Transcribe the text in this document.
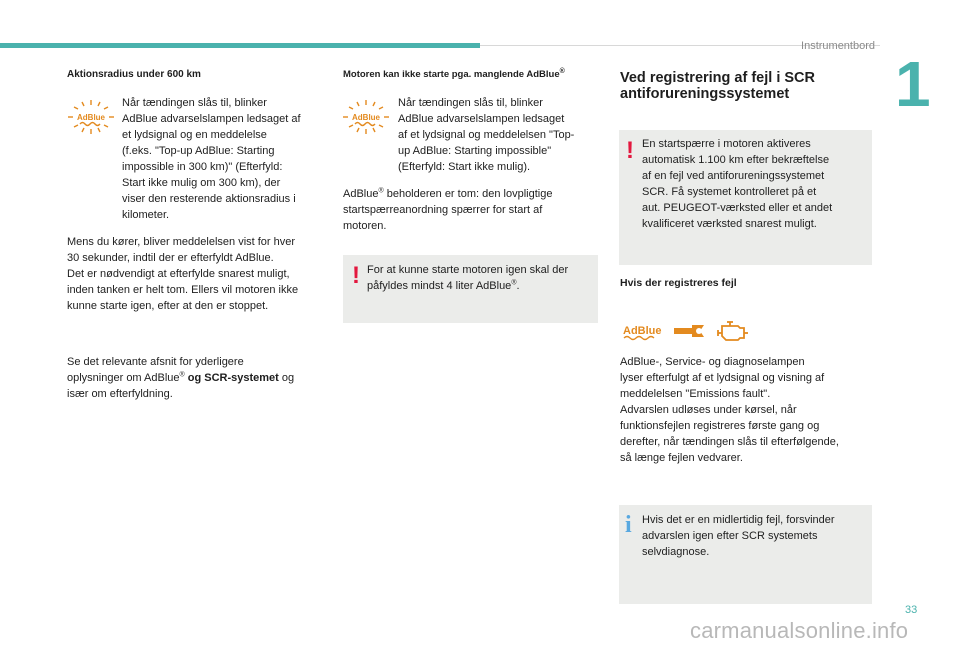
Instrumentbord
1
Aktionsradius under 600 km
AdBlue
Når tændingen slås til, blinker
AdBlue advarselslampen ledsaget af
et lydsignal og en meddelelse
(f.eks. "Top-up AdBlue: Starting
impossible in 300 km)" (Efterfyld:
Start ikke mulig om 300 km), der
viser den resterende aktionsradius i
kilometer.
Mens du kører, bliver meddelelsen vist for hver
30 sekunder, indtil der er efterfyldt AdBlue.
Det er nødvendigt at efterfylde snarest muligt,
inden tanken er helt tom. Ellers vil motoren ikke
kunne starte igen, efter at den er stoppet.
Se det relevante afsnit for yderligere
oplysninger om AdBlue® og SCR-systemet og
især om efterfyldning.
Motoren kan ikke starte pga. manglende AdBlue®
AdBlue
Når tændingen slås til, blinker
AdBlue advarselslampen ledsaget
af et lydsignal og meddelelsen "Top-
up AdBlue: Starting impossible"
(Efterfyld: Start ikke mulig).
AdBlue® beholderen er tom: den lovpligtige
startspærreanordning spærrer for start af
motoren.
! For at kunne starte motoren igen skal der
påfyldes mindst 4 liter AdBlue®.
Ved registrering af fejl i SCR
antiforureningssystemet
! En startspærre i motoren aktiveres
automatisk 1.100 km efter bekræftelse
af en fejl ved antiforureningssystemet
SCR. Få systemet kontrolleret på et
aut. PEUGEOT-værksted eller et andet
kvalificeret værksted snarest muligt.
Hvis der registreres fejl
AdBlue
AdBlue-, Service- og diagnoselampen
lyser efterfulgt af et lydsignal og visning af
meddelelsen "Emissions fault".
Advarslen udløses under kørsel, når
funktionsfejlen registreres første gang og
derefter, når tændingen slås til efterfølgende,
så længe fejlen vedvarer.
i Hvis det er en midlertidig fejl, forsvinder
advarslen igen efter SCR systemets
selvdiagnose.
33
carmanualsonline.info
